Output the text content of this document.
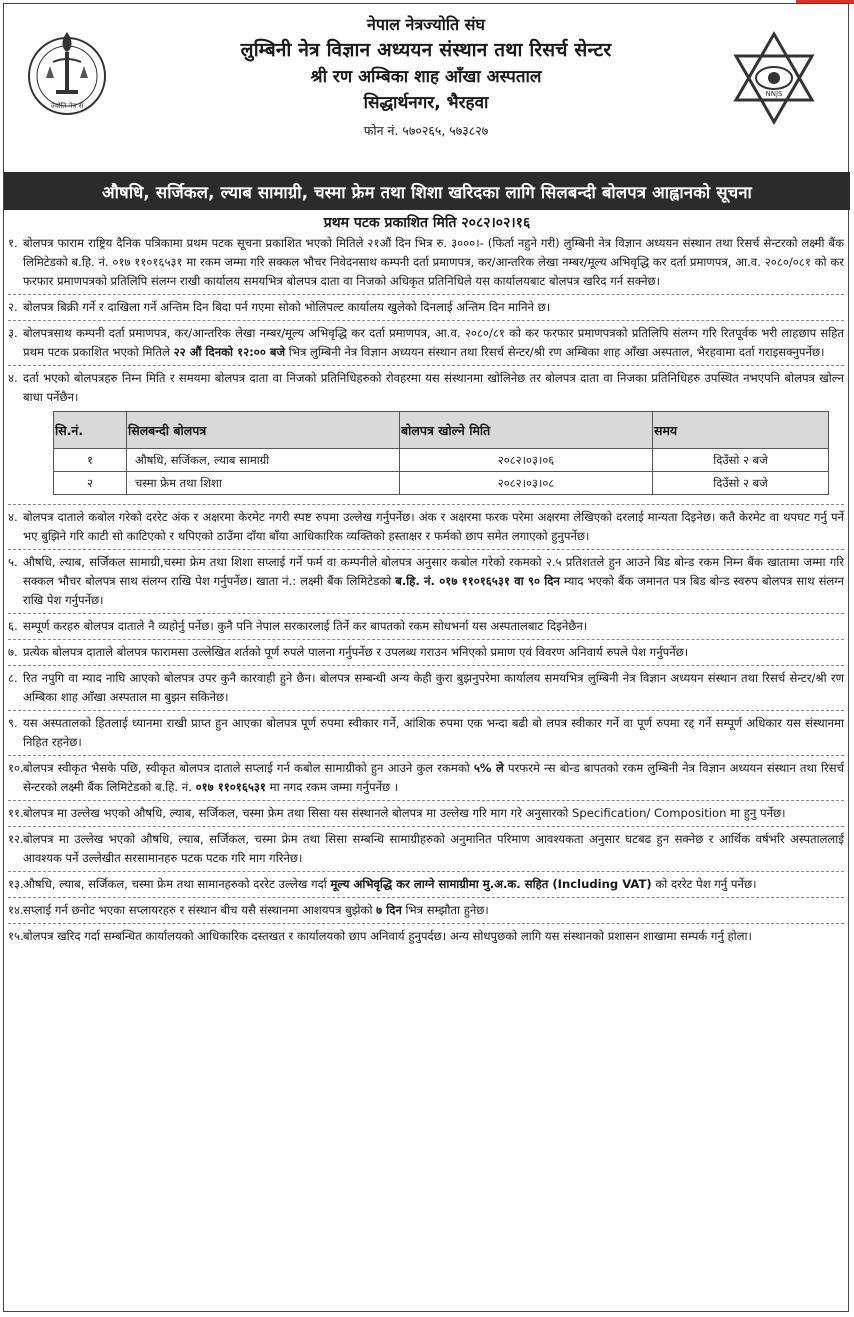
ज्योति नेत्र सं
नेपाल नेत्रज्योति संघ
लुम्बिनी नेत्र विज्ञान अध्ययन संस्थान तथा रिसर्च सेन्टर
श्री रण अम्बिका शाह आँखा अस्पताल
सिद्धार्थनगर, भैरहवा
फोन नं. ५७०२६५, ५७३८२७
NNJS
औषधि, सर्जिकल, ल्याब सामाग्री, चस्मा फ्रेम तथा शिशा खरिदका लागि सिलबन्दी बोलपत्र आह्वानको सूचना
प्रथम पटक प्रकाशित मिति २०८२।०२।१६
१. बोलपत्र फाराम राष्ट्रिय दैनिक पत्रिकामा प्रथम पटक सूचना प्रकाशित भएको मितिले २१औं दिन भित्र रु. ३०००।- (फिर्ता नहुने गरी) लुम्बिनी नेत्र विज्ञान अध्ययन संस्थान तथा रिसर्च सेन्टरको लक्ष्मी बैंक लिमिटेडको ब.हि. नं. ०१७ ११०१६५३१ मा रकम जम्मा गरि सक्कल भौचर निवेदनसाथ कम्पनी दर्ता प्रमाणपत्र, कर/आन्तरिक लेखा नम्बर/मूल्य अभिवृद्धि कर दर्ता प्रमाणपत्र, आ.व. २०८०/०८१ को कर फरफार प्रमाणपत्रको प्रतिलिपि संलग्न राखी कार्यालय समयभित्र बोलपत्र दाता वा निजको अधिकृत प्रतिनिधिले यस कार्यालयबाट बोलपत्र खरिद गर्न सक्नेछ।
२. बोलपत्र बिक्री गर्ने र दाखिला गर्ने अन्तिम दिन बिदा पर्न गएमा सोको भोलिपल्ट कार्यालय खुलेको दिनलाई अन्तिम दिन मानिने छ।
३. बोलपत्रसाथ कम्पनी दर्ता प्रमाणपत्र, कर/आन्तरिक लेखा नम्बर/मूल्य अभिवृद्धि कर दर्ता प्रमाणपत्र, आ.व. २०८०/८१ को कर फरफार प्रमाणपत्रको प्रतिलिपि संलग्न गरि रितपूर्वक भरी लाहछाप सहित प्रथम पटक प्रकाशित भएको मितिले २२ औं दिनको १२:०० बजे भित्र लुम्बिनी नेत्र विज्ञान अध्ययन संस्थान तथा रिसर्च सेन्टर/श्री रण अम्बिका शाह आँखा अस्पताल, भैरहवामा दर्ता गराइसक्नुपर्नेछ।
४. दर्ता भएको बोलपत्रहरु निम्न मिति र समयमा बोलपत्र दाता वा निजको प्रतिनिधिहरुको रोवहरमा यस संस्थानमा खोलिनेछ तर बोलपत्र दाता वा निजका प्रतिनिधिहरु उपस्थित नभएपनि बोलपत्र खोल्न बाधा पर्नेछैन।
सि.नं.	सिलबन्दी बोलपत्र	बोलपत्र खोल्ने मिति	समय
१	औषधि, सर्जिकल, ल्याब सामाग्री	२०८२।०३।०६	दिउँसो २ बजे
२	चस्मा फ्रेम तथा शिशा	२०८२।०३।०८	दिउँसो २ बजे
४. बोलपत्र दाताले कबोल गरेको दररेट अंक र अक्षरमा केरमेट नगरी स्पष्ट रुपमा उल्लेख गर्नुपर्नेछ। अंक र अक्षरमा फरक परेमा अक्षरमा लेखिएको दरलाई मान्यता दिइनेछ। कतै केरमेट वा थपघट गर्नु पर्ने भए बुझिने गरि काटी सो काटिएको र थपिएको ठाउँमा दाँया बाँया आधिकारिक व्यक्तिको हस्ताक्षर र फर्मको छाप समेत लगाएको हुनुपर्नेछ।
५. औषधि, ल्याब, सर्जिकल सामाग्री,चस्मा फ्रेम तथा शिशा सप्लाई गर्ने फर्म वा कम्पनीले बोलपत्र अनुसार कबोल गरेको रकमको २.५ प्रतिशतले हुन आउने बिड बोन्ड रकम निम्न बैंक खातामा जम्मा गरि सक्कल भौचर बोलपत्र साथ संलग्न राखि पेश गर्नुपर्नेछ। खाता नं.: लक्ष्मी बैंक लिमिटेडको ब.हि. नं. ०१७ ११०१६५३१ वा ९० दिन म्याद भएको बैंक जमानत पत्र बिड बोन्ड स्वरुप बोलपत्र साथ संलग्न राखि पेश गर्नुपर्नेछ।
६. सम्पूर्ण करहरु बोलपत्र दाताले नै व्यहोर्नु पर्नेछ। कुनै पनि नेपाल सरकारलाई तिर्ने कर बापतको रकम सोधभर्ना यस अस्पतालबाट दिइनेछैन।
७. प्रत्येक बोलपत्र दाताले बोलपत्र फारामसा उल्लेखित शर्तको पूर्ण रुपले पालना गर्नुपर्नेछ र उपलब्ध गराउन भनिएको प्रमाण एवं विवरण अनिवार्य रुपले पेश गर्नुपर्नेछ।
८. रित नपुगि वा म्याद नाघि आएको बोलपत्र उपर कुनै कारवाही हुने छैन। बोलपत्र सम्बन्धी अन्य केही कुरा बुझनुपरेमा कार्यालय समयभित्र लुम्बिनी नेत्र विज्ञान अध्ययन संस्थान तथा रिसर्च सेन्टर/श्री रण अम्बिका शाह आँखा अस्पताल मा बुझन सकिनेछ।
९. यस अस्पतालको हितलाई ध्यानमा राखी प्राप्त हुन आएका बोलपत्र पूर्ण रुपमा स्वीकार गर्ने, आंशिक रुपमा एक भन्दा बढी बो लपत्र स्वीकार गर्ने वा पूर्ण रुपमा रद्द गर्ने सम्पूर्ण अधिकार यस संस्थानमा निहित रहनेछ।
१०. बोलपत्र स्वीकृत भैसके पछि, स्वीकृत बोलपत्र दाताले सप्लाई गर्न कबोल सामाग्रीको हुन आउने कुल रकमको ५% ले परफरमे न्स बोन्ड बापतको रकम लुम्बिनी नेत्र विज्ञान अध्ययन संस्थान तथा रिसर्च सेन्टरको लक्ष्मी बैंक लिमिटेडको ब.हि. नं. ०१७ ११०१६५३१ मा नगद रकम जम्मा गर्नुपर्नेछ ।
११. बोलपत्र मा उल्लेख भएको औषधि, ल्याब, सर्जिकल, चस्मा फ्रेम तथा सिसा यस संस्थानले बोलपत्र मा उल्लेख गरि माग गरे अनुसारको Specification/ Composition मा हुनु पर्नेछ।
१२. बोलपत्र मा उल्लेख भएको औषधि, ल्याब, सर्जिकल, चस्मा फ्रेम तथा सिसा सम्बन्धि सामाग्रीहरुको अनुमानित परिमाण आवश्यकता अनुसार घटबढ हुन सक्नेछ र आर्थिक वर्षभरि अस्पताललाई आवश्यक पर्ने उल्लेखीत सरसामानहरु पटक पटक गरि माग गरिनेछ।
१३. औषधि, ल्याब, सर्जिकल, चस्मा फ्रेम तथा सामानहरुको दररेट उल्लेख गर्दा मूल्य अभिवृद्धि कर लाग्ने सामाग्रीमा मु.अ.क. सहित (Including VAT) को दररेट पेश गर्नु पर्नेछ।
१४. सप्लाई गर्न छनोट भएका सप्लायरहरु र संस्थान बीच यसै संस्थानमा आशयपत्र बुझेको ७ दिन भित्र सम्झौता हुनेछ।
१५. बोलपत्र खरिद गर्दा सम्बन्धित कार्यालयको आधिकारिक दस्तखत र कार्यालयको छाप अनिवार्य हुनुपर्दछ। अन्य सोधपुछको लागि यस संस्थानको प्रशासन शाखामा सम्पर्क गर्नु होला।
